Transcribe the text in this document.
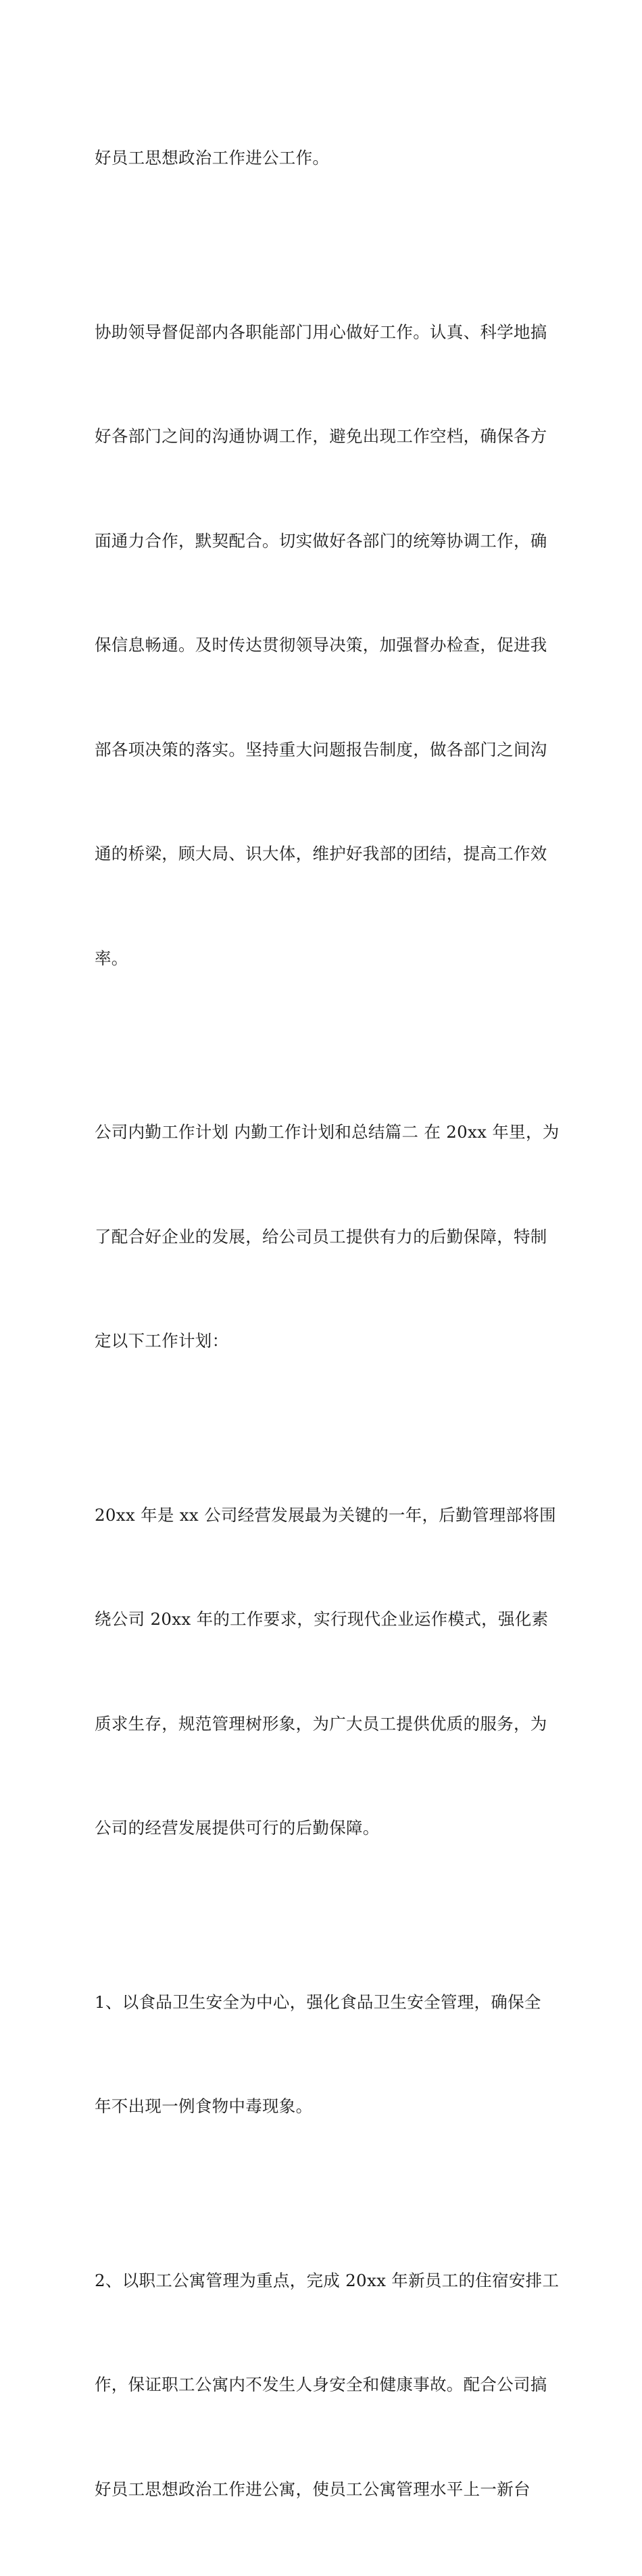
好员工思想政治工作进公工作。

协助领导督促部内各职能部门用心做好工作。认真、科学地搞

好各部门之间的沟通协调工作，避免出现工作空档，确保各方

面通力合作，默契配合。切实做好各部门的统筹协调工作，确

保信息畅通。及时传达贯彻领导决策，加强督办检查，促进我

部各项决策的落实。坚持重大问题报告制度，做各部门之间沟

通的桥梁，顾大局、识大体，维护好我部的团结，提高工作效

率。

公司内勤工作计划 内勤工作计划和总结篇二 在 20xx 年里，为

了配合好企业的发展，给公司员工提供有力的后勤保障，特制

定以下工作计划：

20xx 年是 xx 公司经营发展最为关键的一年，后勤管理部将围

绕公司 20xx 年的工作要求，实行现代企业运作模式，强化素

质求生存，规范管理树形象，为广大员工提供优质的服务，为

公司的经营发展提供可行的后勤保障。

1、以食品卫生安全为中心，强化食品卫生安全管理，确保全

年不出现一例食物中毒现象。

2、以职工公寓管理为重点，完成 20xx 年新员工的住宿安排工

作，保证职工公寓内不发生人身安全和健康事故。配合公司搞

好员工思想政治工作进公寓，使员工公寓管理水平上一新台
